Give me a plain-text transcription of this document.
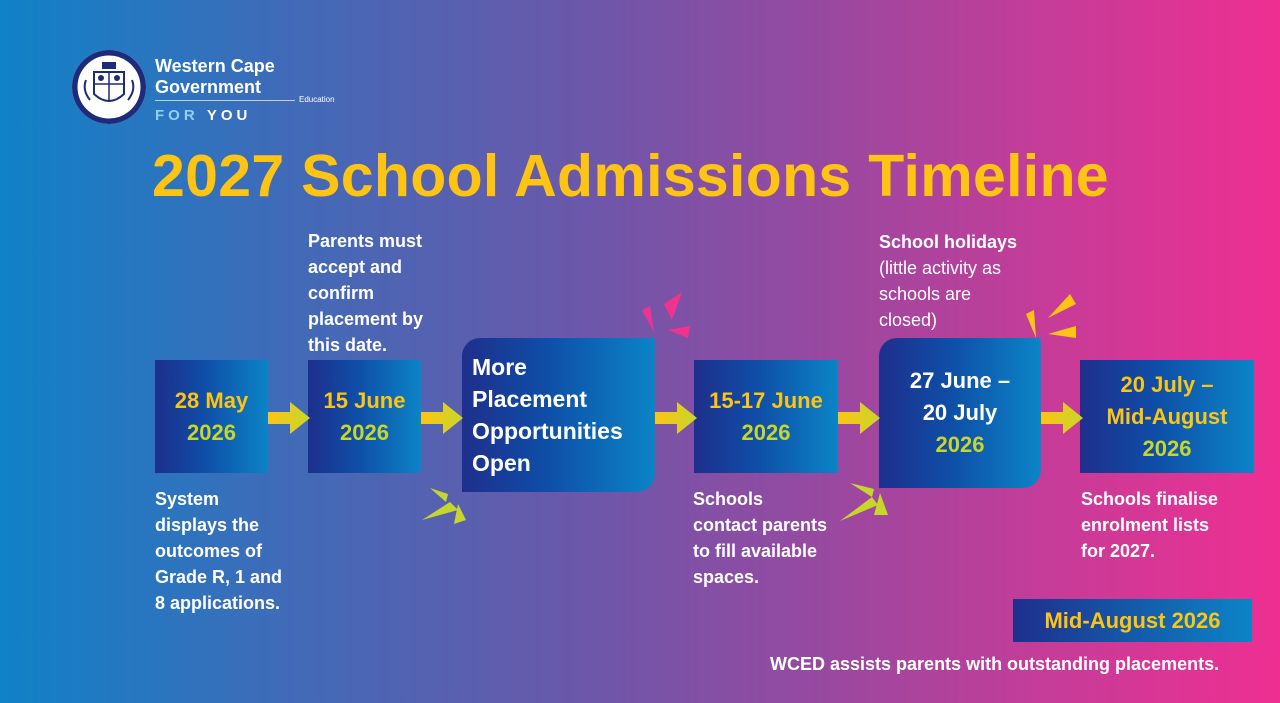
Western Cape
Government
Education
FOR YOU
2027 School Admissions Timeline
28 May
2026
15 June
2026
More
Placement
Opportunities
Open
15-17 June
2026
27 June –
20 July
2026
20 July –
Mid-August
2026
System
displays the
outcomes of
Grade R, 1 and
8 applications.
Parents must
accept and
confirm
placement by
this date.
Schools
contact parents
to fill available
spaces.
School holidays
(little activity as
schools are
closed)
Schools finalise
enrolment lists
for 2027.
Mid-August 2026
WCED assists parents with outstanding placements.
